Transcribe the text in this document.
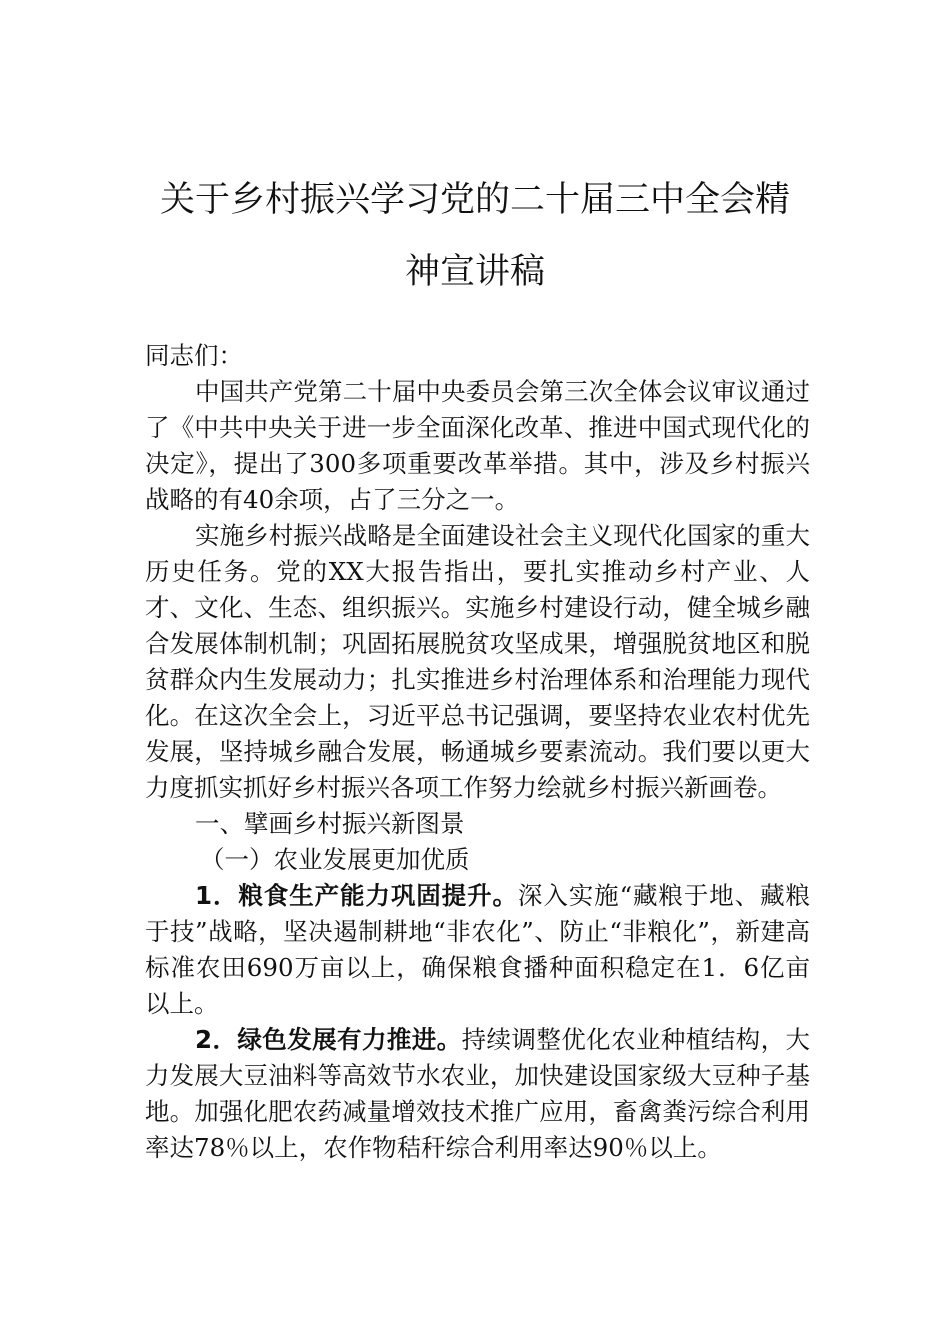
关于乡村振兴学习党的二十届三中全会精
神宣讲稿

同志们：

中国共产党第二十届中央委员会第三次全体会议审议通过了《中共中央关于进一步全面深化改革、推进中国式现代化的决定》，提出了300多项重要改革举措。其中，涉及乡村振兴战略的有40余项，占了三分之一。

实施乡村振兴战略是全面建设社会主义现代化国家的重大历史任务。党的XX大报告指出，要扎实推动乡村产业、人才、文化、生态、组织振兴。实施乡村建设行动，健全城乡融合发展体制机制；巩固拓展脱贫攻坚成果，增强脱贫地区和脱贫群众内生发展动力；扎实推进乡村治理体系和治理能力现代化。在这次全会上，习近平总书记强调，要坚持农业农村优先发展，坚持城乡融合发展，畅通城乡要素流动。我们要以更大力度抓实抓好乡村振兴各项工作努力绘就乡村振兴新画卷。

一、擘画乡村振兴新图景

（一）农业发展更加优质

1．粮食生产能力巩固提升。深入实施“藏粮于地、藏粮于技”战略，坚决遏制耕地“非农化”、防止“非粮化”，新建高标准农田690万亩以上，确保粮食播种面积稳定在1．6亿亩以上。

2．绿色发展有力推进。持续调整优化农业种植结构，大力发展大豆油料等高效节水农业，加快建设国家级大豆种子基地。加强化肥农药减量增效技术推广应用，畜禽粪污综合利用率达78％以上，农作物秸秆综合利用率达90％以上。
